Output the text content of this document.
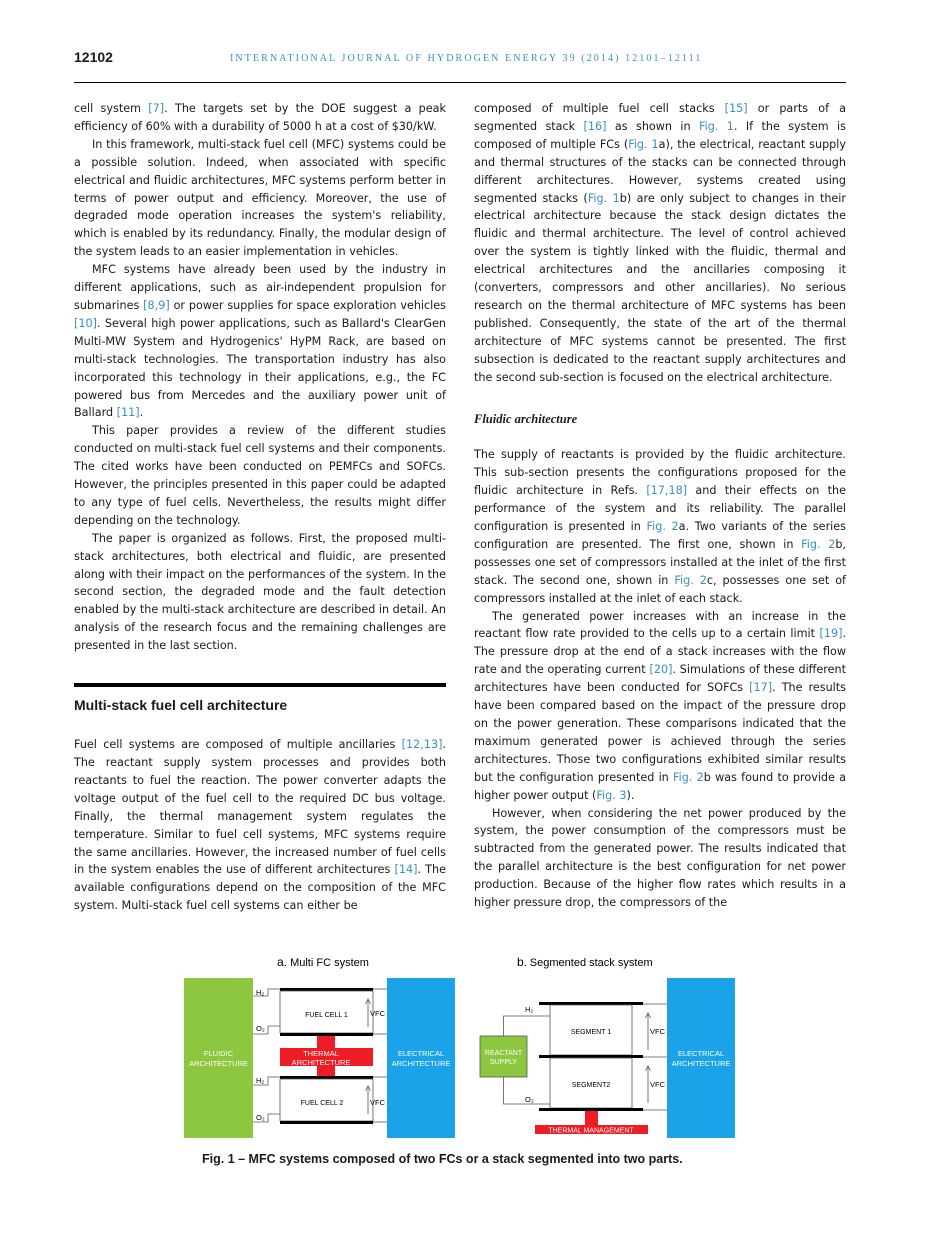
12102	INTERNATIONAL JOURNAL OF HYDROGEN ENERGY 39 (2014) 12101–12111

cell system [7]. The targets set by the DOE suggest a peak efficiency of 60% with a durability of 5000 h at a cost of $30/kW.

In this framework, multi-stack fuel cell (MFC) systems could be a possible solution. Indeed, when associated with specific electrical and fluidic architectures, MFC systems perform better in terms of power output and efficiency. Moreover, the use of degraded mode operation increases the system's reliability, which is enabled by its redundancy. Finally, the modular design of the system leads to an easier implementation in vehicles.

MFC systems have already been used by the industry in different applications, such as air-independent propulsion for submarines [8,9] or power supplies for space exploration vehicles [10]. Several high power applications, such as Ballard's ClearGen Multi-MW System and Hydrogenics' HyPM Rack, are based on multi-stack technologies. The transportation industry has also incorporated this technology in their applications, e.g., the FC powered bus from Mercedes and the auxiliary power unit of Ballard [11].

This paper provides a review of the different studies conducted on multi-stack fuel cell systems and their components. The cited works have been conducted on PEMFCs and SOFCs. However, the principles presented in this paper could be adapted to any type of fuel cells. Nevertheless, the results might differ depending on the technology.

The paper is organized as follows. First, the proposed multi-stack architectures, both electrical and fluidic, are presented along with their impact on the performances of the system. In the second section, the degraded mode and the fault detection enabled by the multi-stack architecture are described in detail. An analysis of the research focus and the remaining challenges are presented in the last section.

Multi-stack fuel cell architecture

Fuel cell systems are composed of multiple ancillaries [12,13]. The reactant supply system processes and provides both reactants to fuel the reaction. The power converter adapts the voltage output of the fuel cell to the required DC bus voltage. Finally, the thermal management system regulates the temperature. Similar to fuel cell systems, MFC systems require the same ancillaries. However, the increased number of fuel cells in the system enables the use of different architectures [14]. The available configurations depend on the composition of the MFC system. Multi-stack fuel cell systems can either be

composed of multiple fuel cell stacks [15] or parts of a segmented stack [16] as shown in Fig. 1. If the system is composed of multiple FCs (Fig. 1a), the electrical, reactant supply and thermal structures of the stacks can be connected through different architectures. However, systems created using segmented stacks (Fig. 1b) are only subject to changes in their electrical architecture because the stack design dictates the fluidic and thermal architecture. The level of control achieved over the system is tightly linked with the fluidic, thermal and electrical architectures and the ancillaries composing it (converters, compressors and other ancillaries). No serious research on the thermal architecture of MFC systems has been published. Consequently, the state of the art of the thermal architecture of MFC systems cannot be presented. The first subsection is dedicated to the reactant supply architectures and the second sub-section is focused on the electrical architecture.

Fluidic architecture

The supply of reactants is provided by the fluidic architecture. This sub-section presents the configurations proposed for the fluidic architecture in Refs. [17,18] and their effects on the performance of the system and its reliability. The parallel configuration is presented in Fig. 2a. Two variants of the series configuration are presented. The first one, shown in Fig. 2b, possesses one set of compressors installed at the inlet of the first stack. The second one, shown in Fig. 2c, possesses one set of compressors installed at the inlet of each stack.

The generated power increases with an increase in the reactant flow rate provided to the cells up to a certain limit [19]. The pressure drop at the end of a stack increases with the flow rate and the operating current [20]. Simulations of these different architectures have been conducted for SOFCs [17]. The results have been compared based on the impact of the pressure drop on the power generation. These comparisons indicated that the maximum generated power is achieved through the series architectures. Those two configurations exhibited similar results but the configuration presented in Fig. 2b was found to provide a higher power output (Fig. 3).

However, when considering the net power produced by the system, the power consumption of the compressors must be subtracted from the generated power. The results indicated that the parallel architecture is the best configuration for net power production. Because of the higher flow rates which results in a higher pressure drop, the compressors of the

a. Multi FC system	b. Segmented stack system
FLUIDIC
ARCHITECTURE
ELECTRICAL
ARCHITECTURE
FUEL CELL 1
FUEL CELL 2
THERMAL
ARCHITECTURE
H₂
O₂
H₂
O₂
VFC
VFC
REACTANT
SUPPLY
ELECTRICAL
ARCHITECTURE
SEGMENT 1
SEGMENT2
THERMAL MANAGEMENT
H₂
O₂
VFC
VFC
Fig. 1 – MFC systems composed of two FCs or a stack segmented into two parts.
